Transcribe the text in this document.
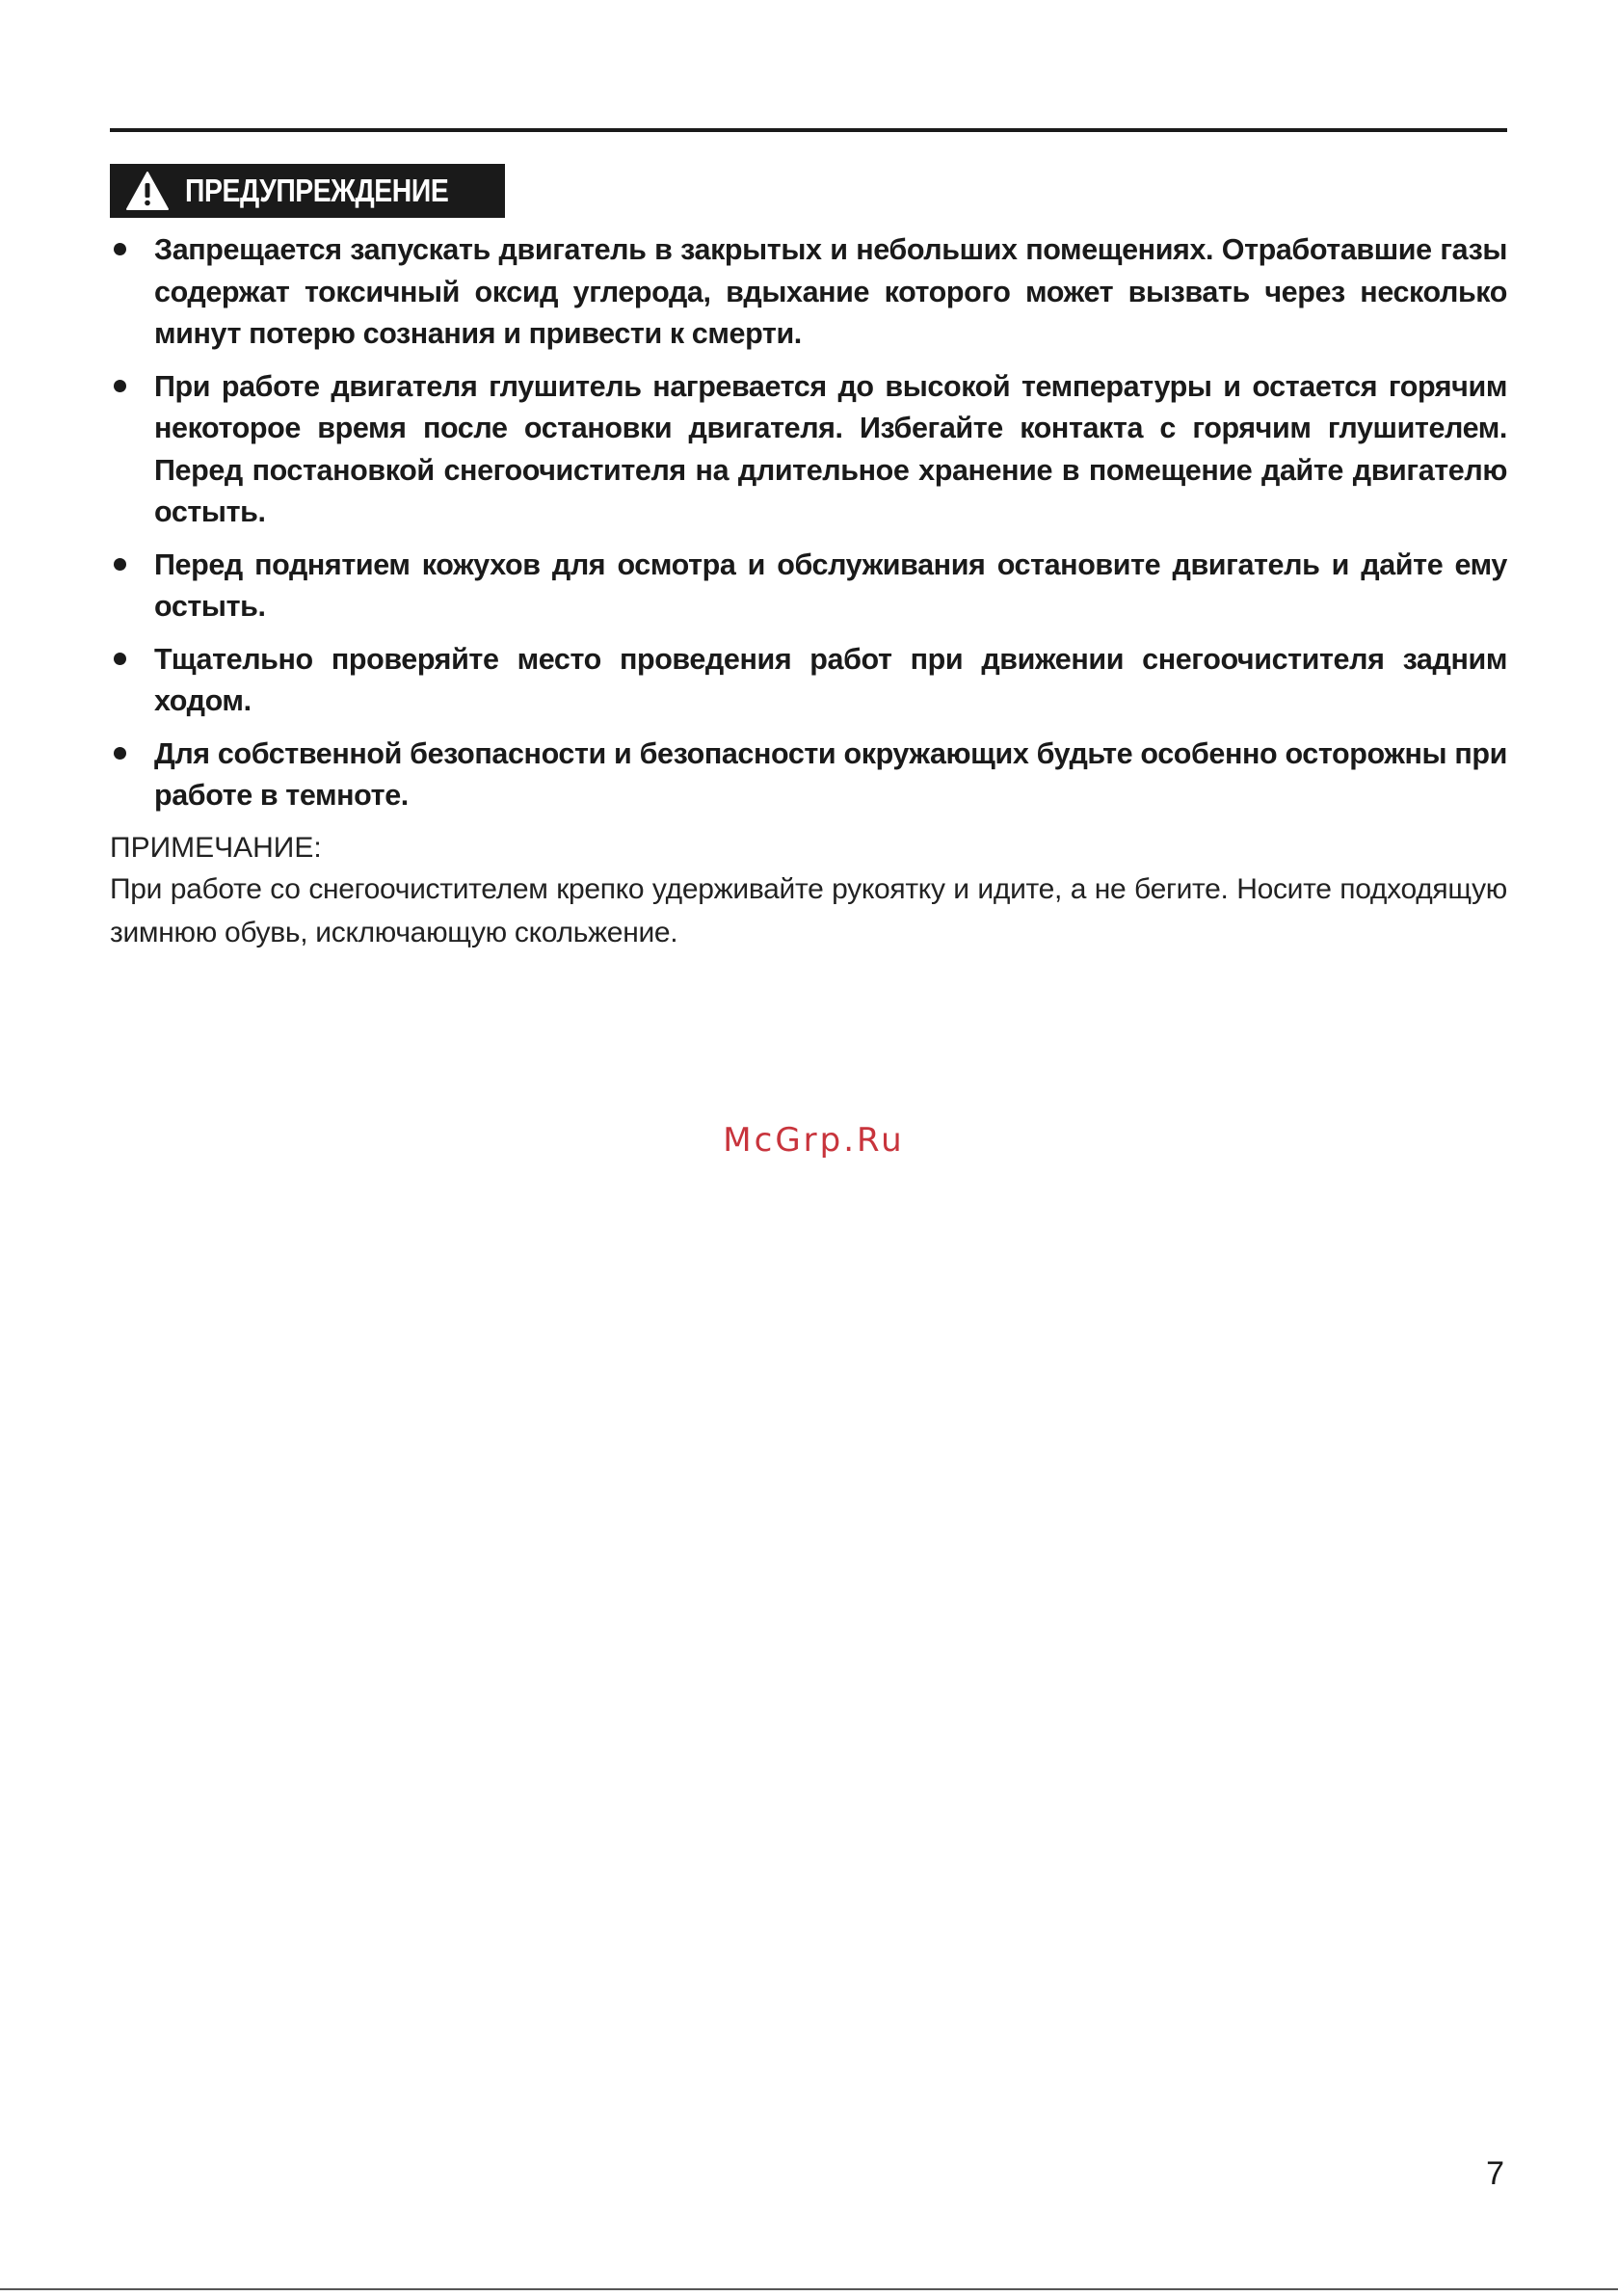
ПРЕДУПРЕЖДЕНИЕ
Запрещается запускать двигатель в закрытых и небольших помещениях. Отработавшие газы содержат токсичный оксид углерода, вдыхание которого может вызвать через несколько минут потерю сознания и привести к смерти.
При работе двигателя глушитель нагревается до высокой температуры и остается горячим некоторое время после остановки двигателя. Избегайте контакта с горячим глушителем. Перед постановкой снегоочистителя на длительное хранение в помещение дайте двигателю остыть.
Перед поднятием кожухов для осмотра и обслуживания остановите двигатель и дайте ему остыть.
Тщательно проверяйте место проведения работ при движении снегоочистителя задним ходом.
Для собственной безопасности и безопасности окружающих будьте особенно осторожны при работе в темноте.
ПРИМЕЧАНИЕ:
При работе со снегоочистителем крепко удерживайте рукоятку и идите, а не бегите. Носите подходящую зимнюю обувь, исключающую скольжение.
McGrp.Ru
7
